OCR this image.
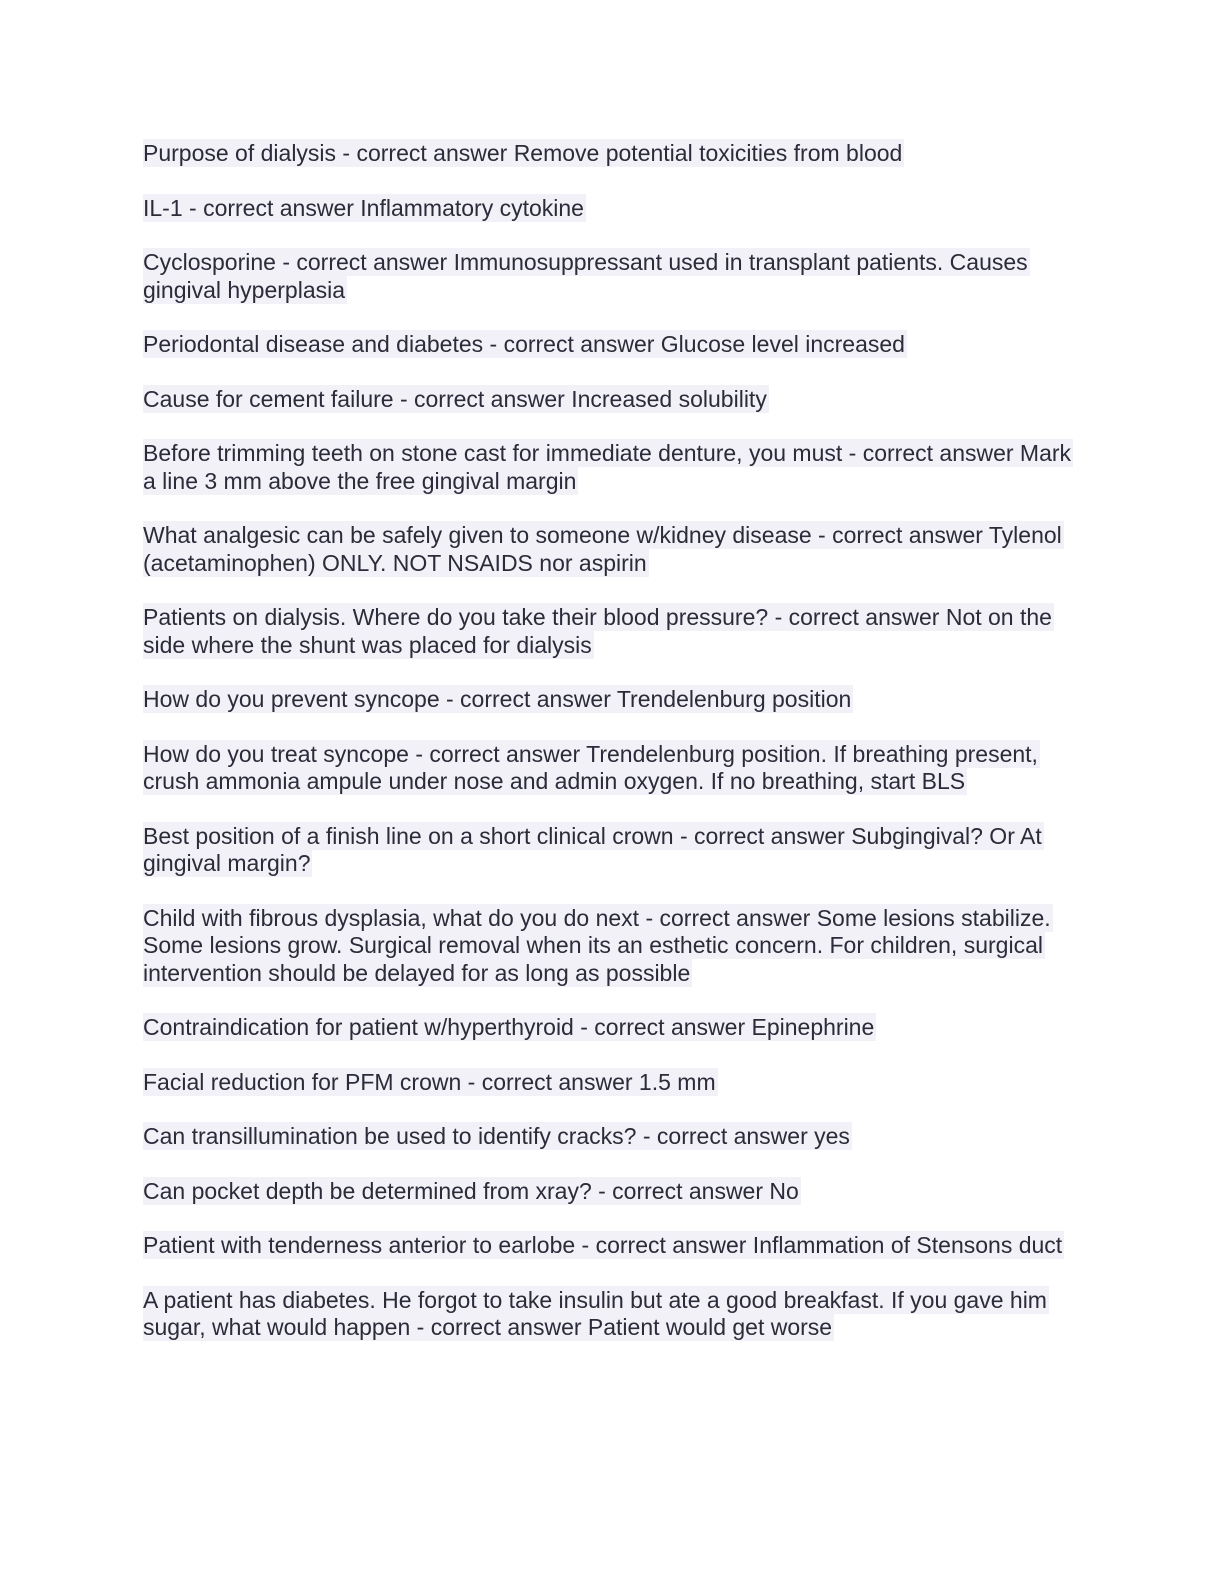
Purpose of dialysis - correct answer Remove potential toxicities from blood

IL-1 - correct answer Inflammatory cytokine

Cyclosporine - correct answer Immunosuppressant used in transplant patients. Causes gingival hyperplasia

Periodontal disease and diabetes - correct answer Glucose level increased

Cause for cement failure - correct answer Increased solubility

Before trimming teeth on stone cast for immediate denture, you must - correct answer Mark a line 3 mm above the free gingival margin

What analgesic can be safely given to someone w/kidney disease - correct answer Tylenol (acetaminophen) ONLY. NOT NSAIDS nor aspirin

Patients on dialysis. Where do you take their blood pressure? - correct answer Not on the side where the shunt was placed for dialysis

How do you prevent syncope - correct answer Trendelenburg position

How do you treat syncope - correct answer Trendelenburg position. If breathing present, crush ammonia ampule under nose and admin oxygen. If no breathing, start BLS

Best position of a finish line on a short clinical crown - correct answer Subgingival? Or At gingival margin?

Child with fibrous dysplasia, what do you do next - correct answer Some lesions stabilize. Some lesions grow. Surgical removal when its an esthetic concern. For children, surgical intervention should be delayed for as long as possible

Contraindication for patient w/hyperthyroid - correct answer Epinephrine

Facial reduction for PFM crown - correct answer 1.5 mm

Can transillumination be used to identify cracks? - correct answer yes

Can pocket depth be determined from xray? - correct answer No

Patient with tenderness anterior to earlobe - correct answer Inflammation of Stensons duct

A patient has diabetes. He forgot to take insulin but ate a good breakfast. If you gave him sugar, what would happen - correct answer Patient would get worse
